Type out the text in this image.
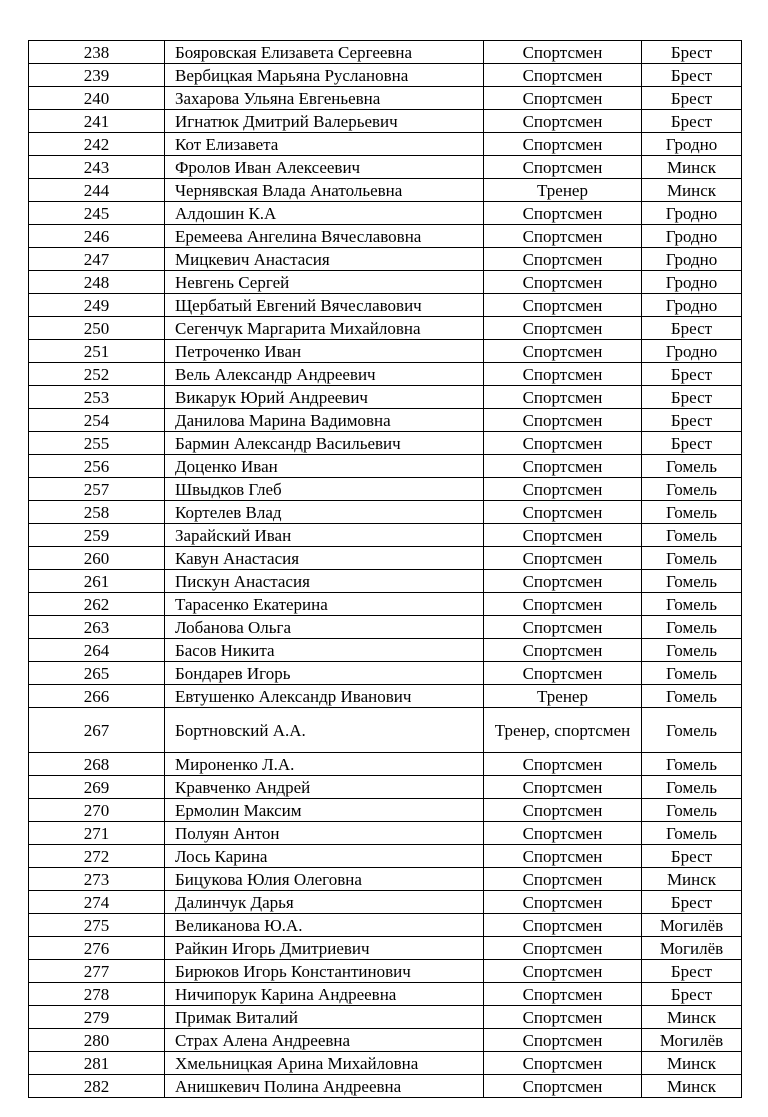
238	Бояровская Елизавета Сергеевна	Спортсмен	Брест
239	Вербицкая Марьяна Руслановна	Спортсмен	Брест
240	Захарова Ульяна Евгеньевна	Спортсмен	Брест
241	Игнатюк Дмитрий Валерьевич	Спортсмен	Брест
242	Кот Елизавета	Спортсмен	Гродно
243	Фролов Иван Алексеевич	Спортсмен	Минск
244	Чернявская Влада Анатольевна	Тренер	Минск
245	Алдошин К.А	Спортсмен	Гродно
246	Еремеева Ангелина Вячеславовна	Спортсмен	Гродно
247	Мицкевич Анастасия	Спортсмен	Гродно
248	Невгень Сергей	Спортсмен	Гродно
249	Щербатый Евгений Вячеславович	Спортсмен	Гродно
250	Сегенчук Маргарита Михайловна	Спортсмен	Брест
251	Петроченко Иван	Спортсмен	Гродно
252	Вель Александр Андреевич	Спортсмен	Брест
253	Викарук Юрий Андреевич	Спортсмен	Брест
254	Данилова Марина Вадимовна	Спортсмен	Брест
255	Бармин Александр Васильевич	Спортсмен	Брест
256	Доценко Иван	Спортсмен	Гомель
257	Швыдков Глеб	Спортсмен	Гомель
258	Кортелев Влад	Спортсмен	Гомель
259	Зарайский Иван	Спортсмен	Гомель
260	Кавун Анастасия	Спортсмен	Гомель
261	Пискун Анастасия	Спортсмен	Гомель
262	Тарасенко Екатерина	Спортсмен	Гомель
263	Лобанова Ольга	Спортсмен	Гомель
264	Басов Никита	Спортсмен	Гомель
265	Бондарев Игорь	Спортсмен	Гомель
266	Евтушенко Александр Иванович	Тренер	Гомель
267	Бортновский А.А.	Тренер, спортсмен	Гомель
268	Мироненко Л.А.	Спортсмен	Гомель
269	Кравченко Андрей	Спортсмен	Гомель
270	Ермолин Максим	Спортсмен	Гомель
271	Полуян Антон	Спортсмен	Гомель
272	Лось Карина	Спортсмен	Брест
273	Бицукова Юлия Олеговна	Спортсмен	Минск
274	Далинчук Дарья	Спортсмен	Брест
275	Великанова Ю.А.	Спортсмен	Могилёв
276	Райкин Игорь Дмитриевич	Спортсмен	Могилёв
277	Бирюков Игорь Константинович	Спортсмен	Брест
278	Ничипорук Карина Андреевна	Спортсмен	Брест
279	Примак Виталий	Спортсмен	Минск
280	Страх Алена Андреевна	Спортсмен	Могилёв
281	Хмельницкая Арина Михайловна	Спортсмен	Минск
282	Анишкевич Полина Андреевна	Спортсмен	Минск
